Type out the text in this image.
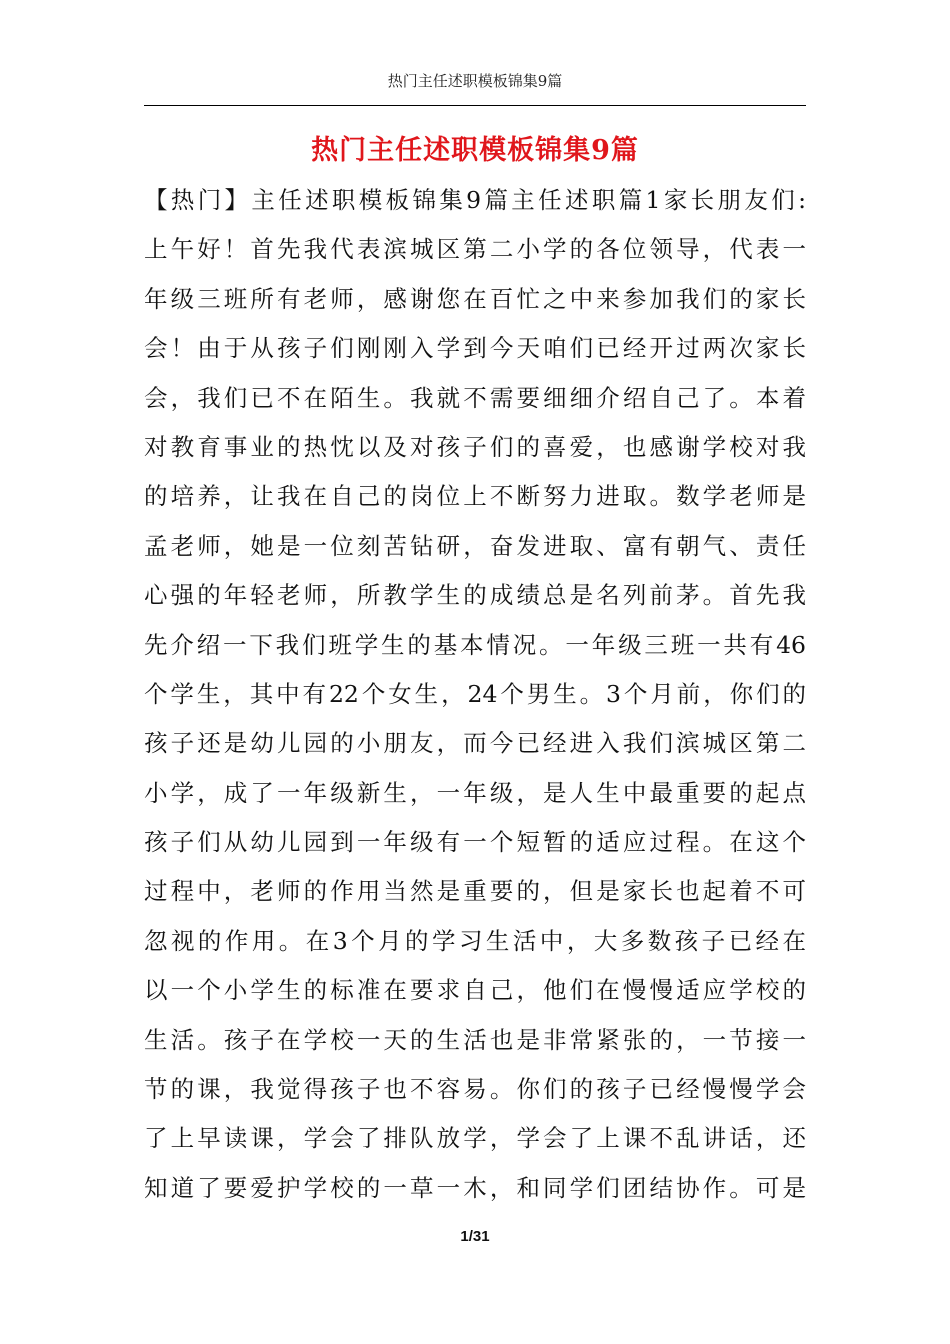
热门主任述职模板锦集9篇
热门主任述职模板锦集9篇
【热门】主任述职模板锦集9篇主任述职篇1家长朋友们:
上午好！首先我代表滨城区第二小学的各位领导，代表一
年级三班所有老师，感谢您在百忙之中来参加我们的家长
会！由于从孩子们刚刚入学到今天咱们已经开过两次家长
会，我们已不在陌生。我就不需要细细介绍自己了。本着
对教育事业的热忱以及对孩子们的喜爱，也感谢学校对我
的培养，让我在自己的岗位上不断努力进取。数学老师是
孟老师，她是一位刻苦钻研，奋发进取、富有朝气、责任
心强的年轻老师，所教学生的成绩总是名列前茅。首先我
先介绍一下我们班学生的基本情况。一年级三班一共有46
个学生，其中有22个女生，24个男生。3个月前，你们的
孩子还是幼儿园的小朋友，而今已经进入我们滨城区第二
小学，成了一年级新生，一年级，是人生中最重要的起点
孩子们从幼儿园到一年级有一个短暂的适应过程。在这个
过程中，老师的作用当然是重要的，但是家长也起着不可
忽视的作用。在3个月的学习生活中，大多数孩子已经在
以一个小学生的标准在要求自己，他们在慢慢适应学校的
生活。孩子在学校一天的生活也是非常紧张的，一节接一
节的课，我觉得孩子也不容易。你们的孩子已经慢慢学会
了上早读课，学会了排队放学，学会了上课不乱讲话，还
知道了要爱护学校的一草一木，和同学们团结协作。可是
1/31
